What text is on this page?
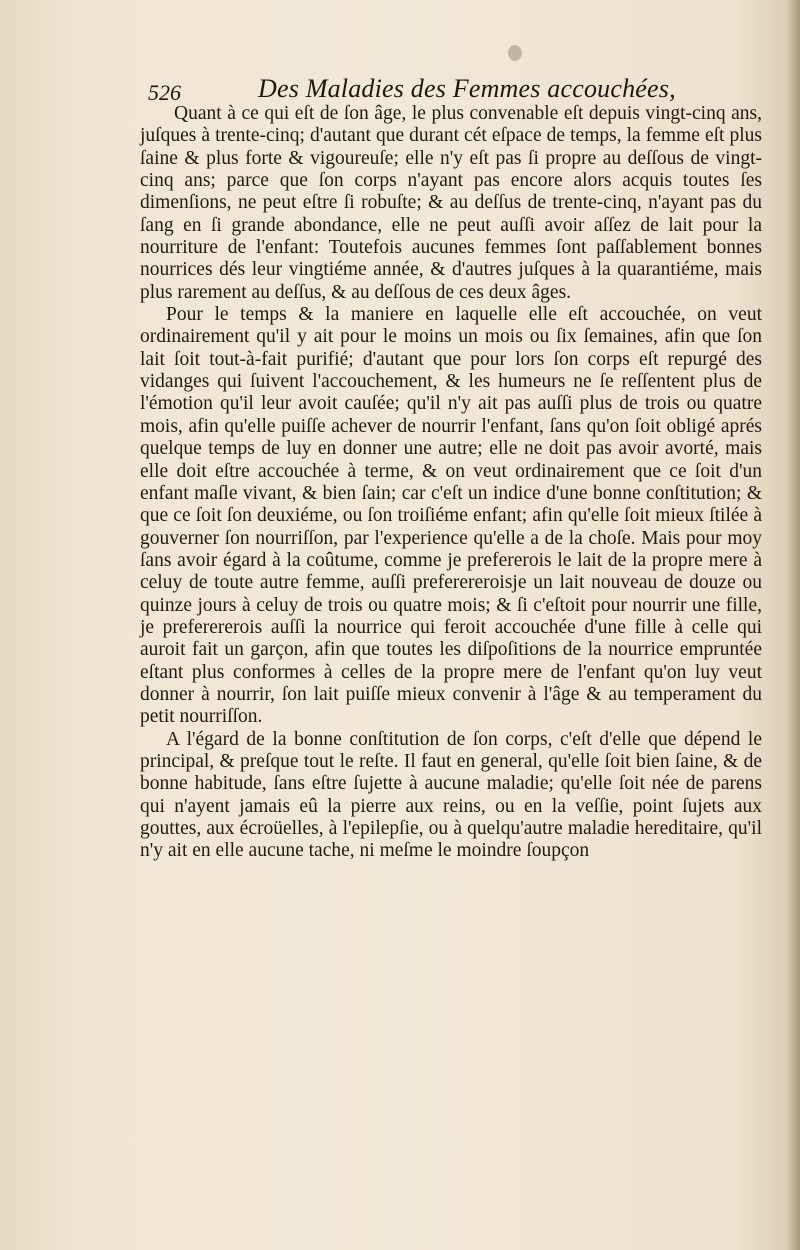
526	Des Maladies des Femmes accouchées,

Quant à ce qui eſt de ſon âge, le plus convenable eſt depuis vingt-cinq ans, juſques à trente-cinq; d'autant que durant cét eſpace de temps, la femme eſt plus ſaine & plus forte & vigoureuſe; elle n'y eſt pas ſi propre au deſſous de vingt-cinq ans; parce que ſon corps n'ayant pas encore alors acquis toutes ſes dimenſions, ne peut eſtre ſi robuſte; & au deſſus de trente-cinq, n'ayant pas du ſang en ſi grande abondance, elle ne peut auſſi avoir aſſez de lait pour la nourriture de l'enfant: Toutefois aucunes femmes ſont paſſablement bonnes nourrices dés leur vingtiéme année, & d'autres juſques à la quarantiéme, mais plus rarement au deſſus, & au deſſous de ces deux âges.

Pour le temps & la maniere en laquelle elle eſt accouchée, on veut ordinairement qu'il y ait pour le moins un mois ou ſix ſemaines, afin que ſon lait ſoit tout-à-fait purifié; d'autant que pour lors ſon corps eſt repurgé des vidanges qui ſuivent l'accouchement, & les humeurs ne ſe reſſentent plus de l'émotion qu'il leur avoit cauſée; qu'il n'y ait pas auſſi plus de trois ou quatre mois, afin qu'elle puiſſe achever de nourrir l'enfant, ſans qu'on ſoit obligé aprés quelque temps de luy en donner une autre; elle ne doit pas avoir avorté, mais elle doit eſtre accouchée à terme, & on veut ordinairement que ce ſoit d'un enfant maſle vivant, & bien ſain; car c'eſt un indice d'une bonne conſtitution; & que ce ſoit ſon deuxiéme, ou ſon troiſiéme enfant; afin qu'elle ſoit mieux ſtilée à gouverner ſon nourriſſon, par l'experience qu'elle a de la choſe. Mais pour moy ſans avoir égard à la coûtume, comme je prefererois le lait de la propre mere à celuy de toute autre femme, auſſi preferereroisje un lait nouveau de douze ou quinze jours à celuy de trois ou quatre mois; & ſi c'eſtoit pour nourrir une fille, je preferererois auſſi la nourrice qui feroit accouchée d'une fille à celle qui auroit fait un garçon, afin que toutes les diſpoſitions de la nourrice empruntée eſtant plus conformes à celles de la propre mere de l'enfant qu'on luy veut donner à nourrir, ſon lait puiſſe mieux convenir à l'âge & au temperament du petit nourriſſon.

A l'égard de la bonne conſtitution de ſon corps, c'eſt d'elle que dépend le principal, & preſque tout le reſte. Il faut en general, qu'elle ſoit bien ſaine, & de bonne habitude, ſans eſtre ſujette à aucune maladie; qu'elle ſoit née de parens qui n'ayent jamais eû la pierre aux reins, ou en la veſſie, point ſujets aux gouttes, aux écroüelles, à l'epilepſie, ou à quelqu'autre maladie hereditaire, qu'il n'y ait en elle aucune tache, ni meſme le moindre ſoupçon
